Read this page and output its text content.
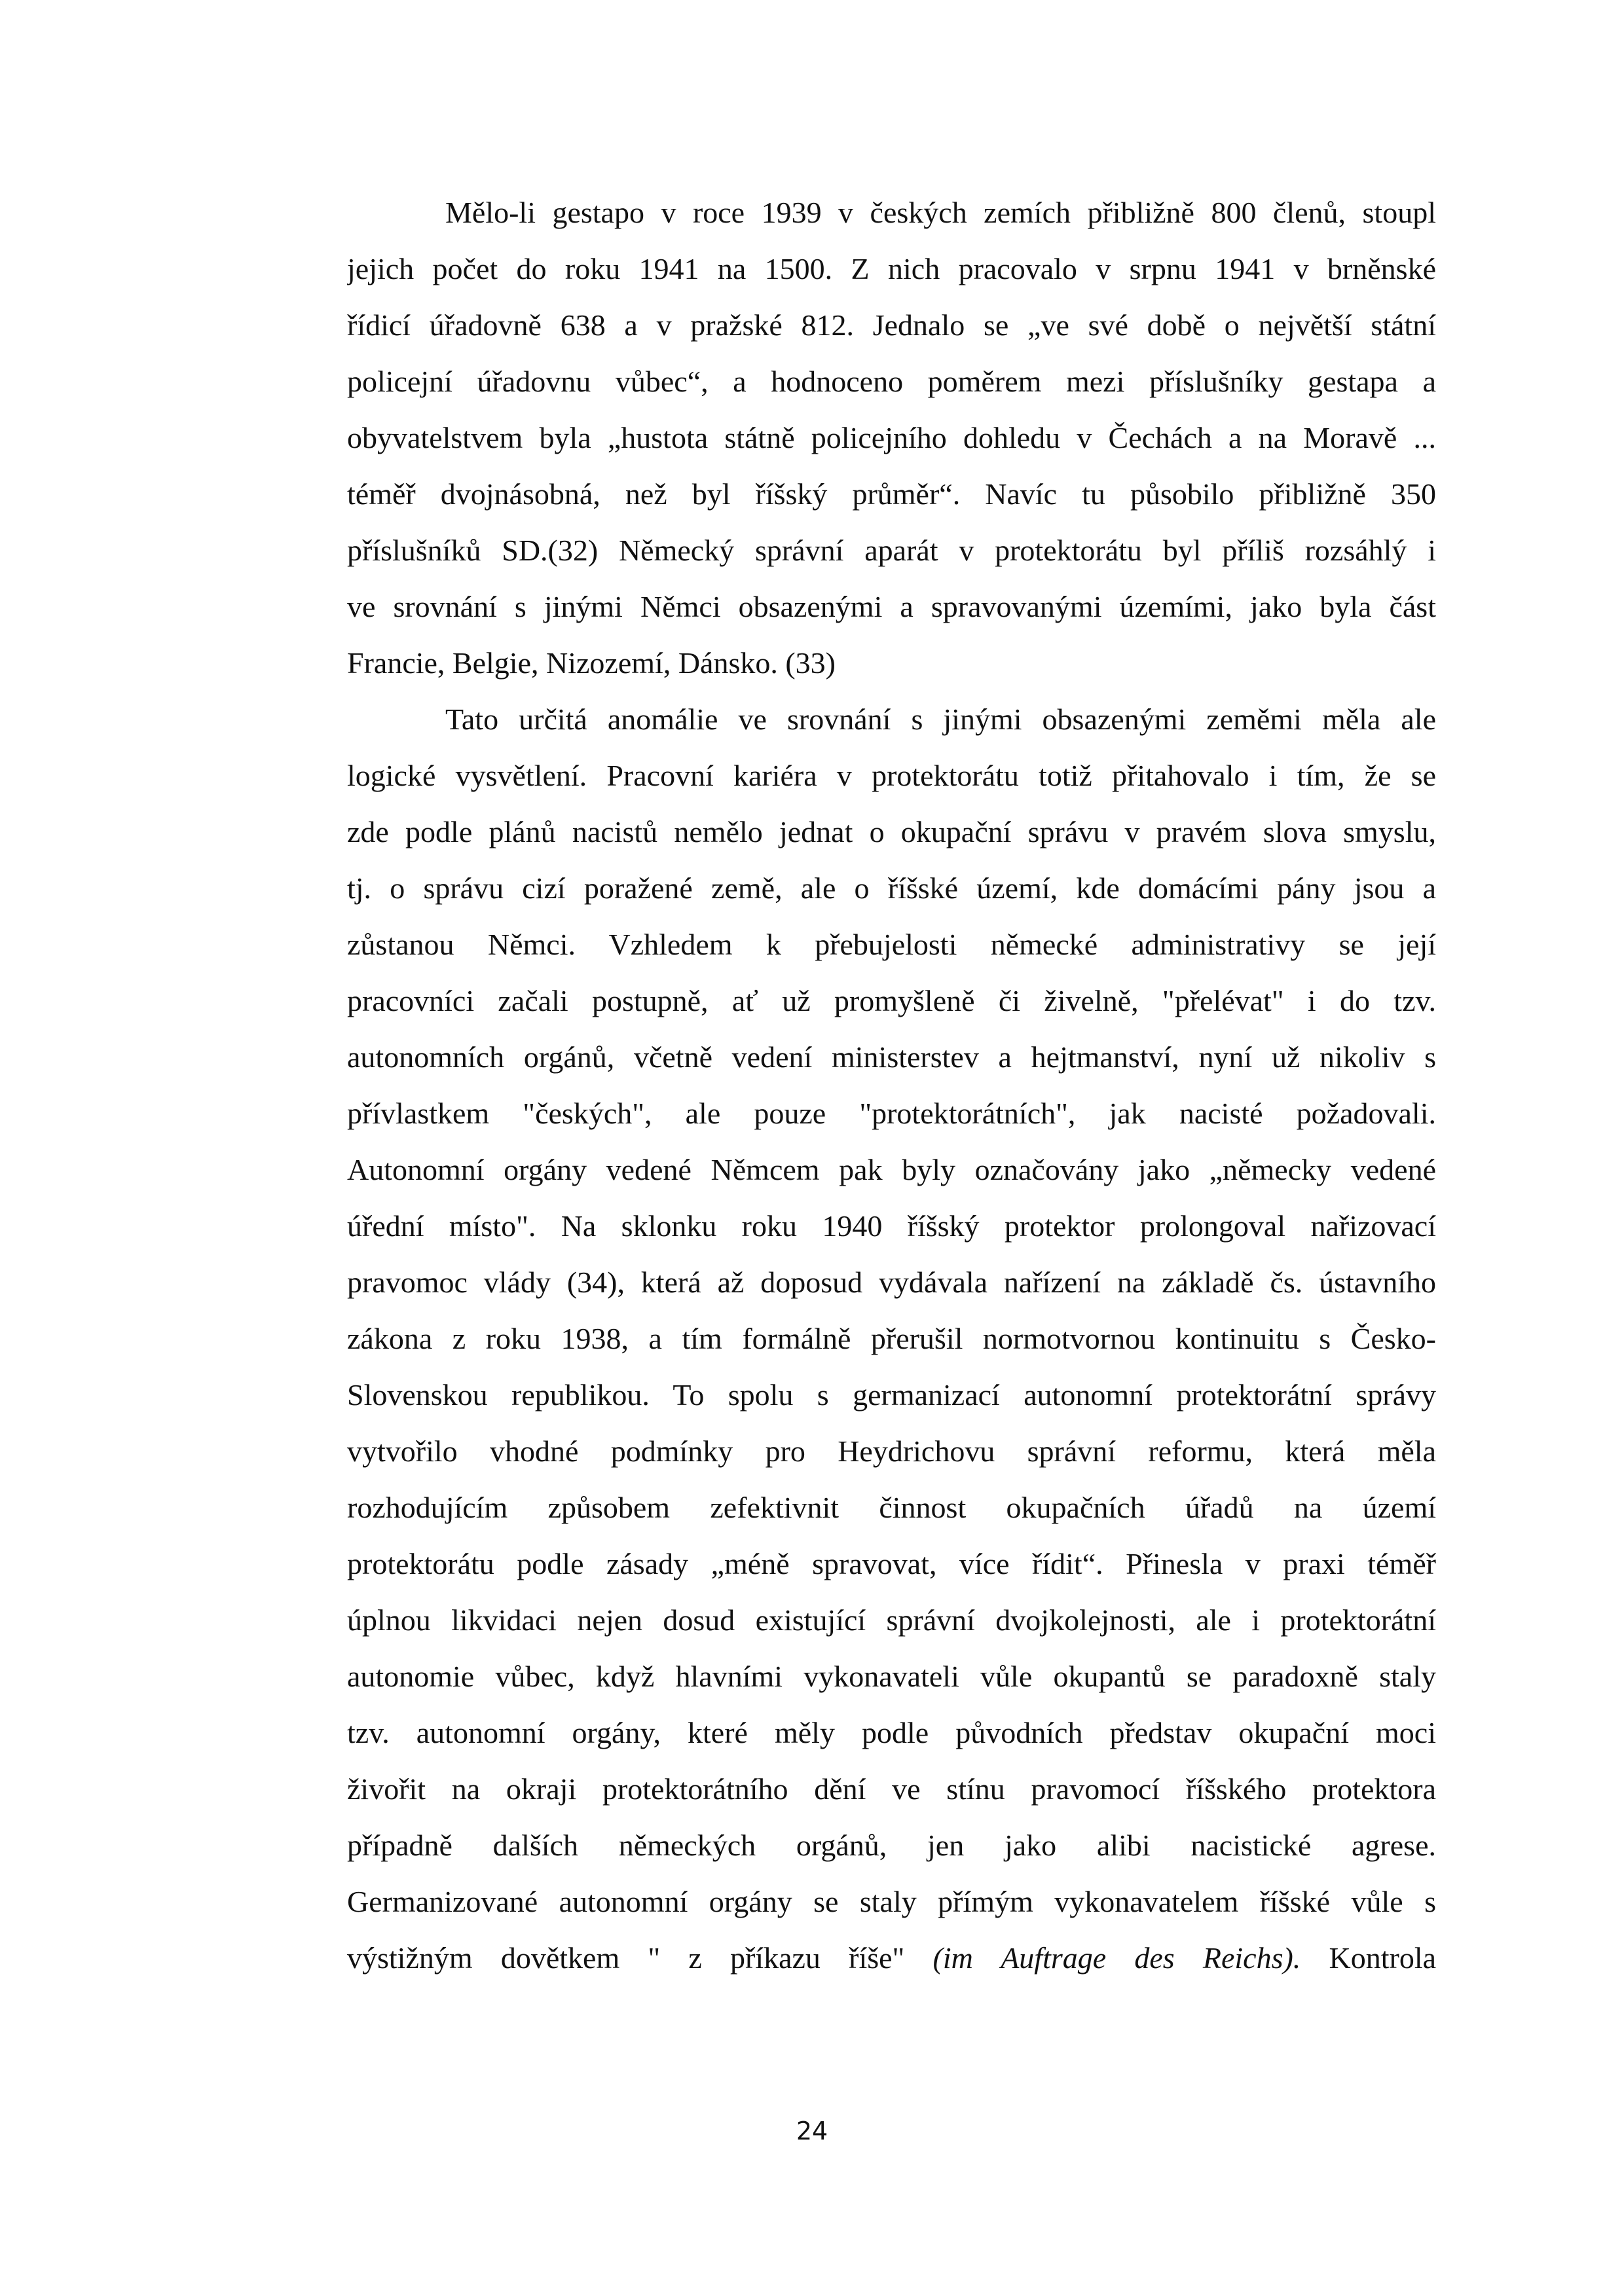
Mělo-li gestapo v roce 1939 v českých zemích přibližně 800 členů, stoupl
jejich počet do roku 1941 na 1500. Z nich pracovalo v srpnu 1941 v brněnské
řídicí úřadovně 638 a v pražské 812. Jednalo se „ve své době o největší státní
policejní úřadovnu vůbec“, a hodnoceno poměrem mezi příslušníky gestapa a
obyvatelstvem byla „hustota státně policejního dohledu v Čechách a na Moravě ...
téměř dvojnásobná, než byl říšský průměr“. Navíc tu působilo přibližně 350
příslušníků SD.(32) Německý správní aparát v protektorátu byl příliš rozsáhlý i
ve srovnání s jinými Němci obsazenými a spravovanými územími, jako byla část
Francie, Belgie, Nizozemí, Dánsko. (33)
Tato určitá anomálie ve srovnání s jinými obsazenými zeměmi měla ale
logické vysvětlení. Pracovní kariéra v protektorátu totiž přitahovalo i tím, že se
zde podle plánů nacistů nemělo jednat o okupační správu v pravém slova smyslu,
tj. o správu cizí poražené země, ale o říšské území, kde domácími pány jsou a
zůstanou Němci. Vzhledem k přebujelosti německé administrativy se její
pracovníci začali postupně, ať už promyšleně či živelně, "přelévat" i do tzv.
autonomních orgánů, včetně vedení ministerstev a hejtmanství, nyní už nikoliv s
přívlastkem "českých", ale pouze "protektorátních", jak nacisté požadovali.
Autonomní orgány vedené Němcem pak byly označovány jako „německy vedené
úřední místo". Na sklonku roku 1940 říšský protektor prolongoval nařizovací
pravomoc vlády (34), která až doposud vydávala nařízení na základě čs. ústavního
zákona z roku 1938, a tím formálně přerušil normotvornou kontinuitu s Česko-
Slovenskou republikou. To spolu s germanizací autonomní protektorátní správy
vytvořilo vhodné podmínky pro Heydrichovu správní reformu, která měla
rozhodujícím způsobem zefektivnit činnost okupačních úřadů na území
protektorátu podle zásady „méně spravovat, více řídit“. Přinesla v praxi téměř
úplnou likvidaci nejen dosud existující správní dvojkolejnosti, ale i protektorátní
autonomie vůbec, když hlavními vykonavateli vůle okupantů se paradoxně staly
tzv. autonomní orgány, které měly podle původních představ okupační moci
živořit na okraji protektorátního dění ve stínu pravomocí říšského protektora
případně dalších německých orgánů, jen jako alibi nacistické agrese.
Germanizované autonomní orgány se staly přímým vykonavatelem říšské vůle s
výstižným dovětkem " z příkazu říše" (im Auftrage des Reichs). Kontrola
24
